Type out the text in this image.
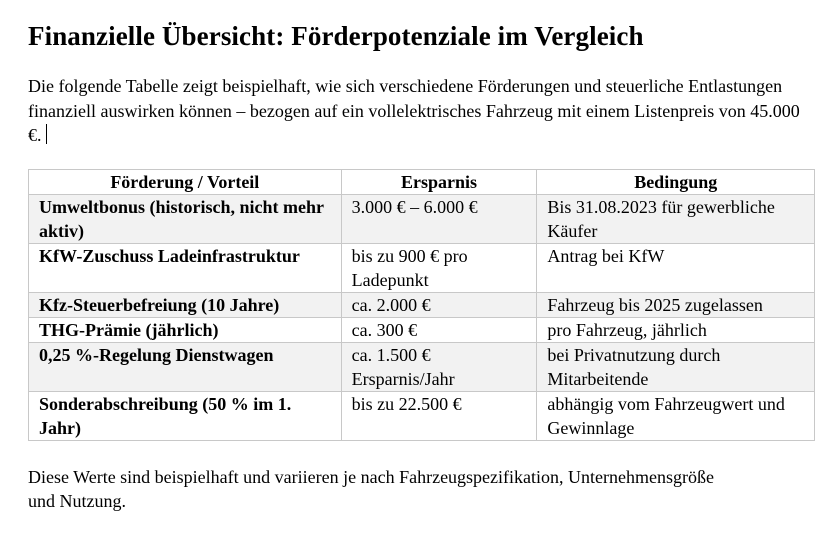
Finanzielle Übersicht: Förderpotenziale im Vergleich

Die folgende Tabelle zeigt beispielhaft, wie sich verschiedene Förderungen und steuerliche Entlastungen finanziell auswirken können – bezogen auf ein vollelektrisches Fahrzeug mit einem Listenpreis von 45.000 €.

Förderung / Vorteil	Ersparnis	Bedingung
Umweltbonus (historisch, nicht mehr aktiv)	3.000 € – 6.000 €	Bis 31.08.2023 für gewerbliche Käufer
KfW-Zuschuss Ladeinfrastruktur	bis zu 900 € pro Ladepunkt	Antrag bei KfW
Kfz-Steuerbefreiung (10 Jahre)	ca. 2.000 €	Fahrzeug bis 2025 zugelassen
THG-Prämie (jährlich)	ca. 300 €	pro Fahrzeug, jährlich
0,25 %-Regelung Dienstwagen	ca. 1.500 € Ersparnis/Jahr	bei Privatnutzung durch Mitarbeitende
Sonderabschreibung (50 % im 1. Jahr)	bis zu 22.500 €	abhängig vom Fahrzeugwert und Gewinnlage

Diese Werte sind beispielhaft und variieren je nach Fahrzeugspezifikation, Unternehmensgröße und Nutzung.
